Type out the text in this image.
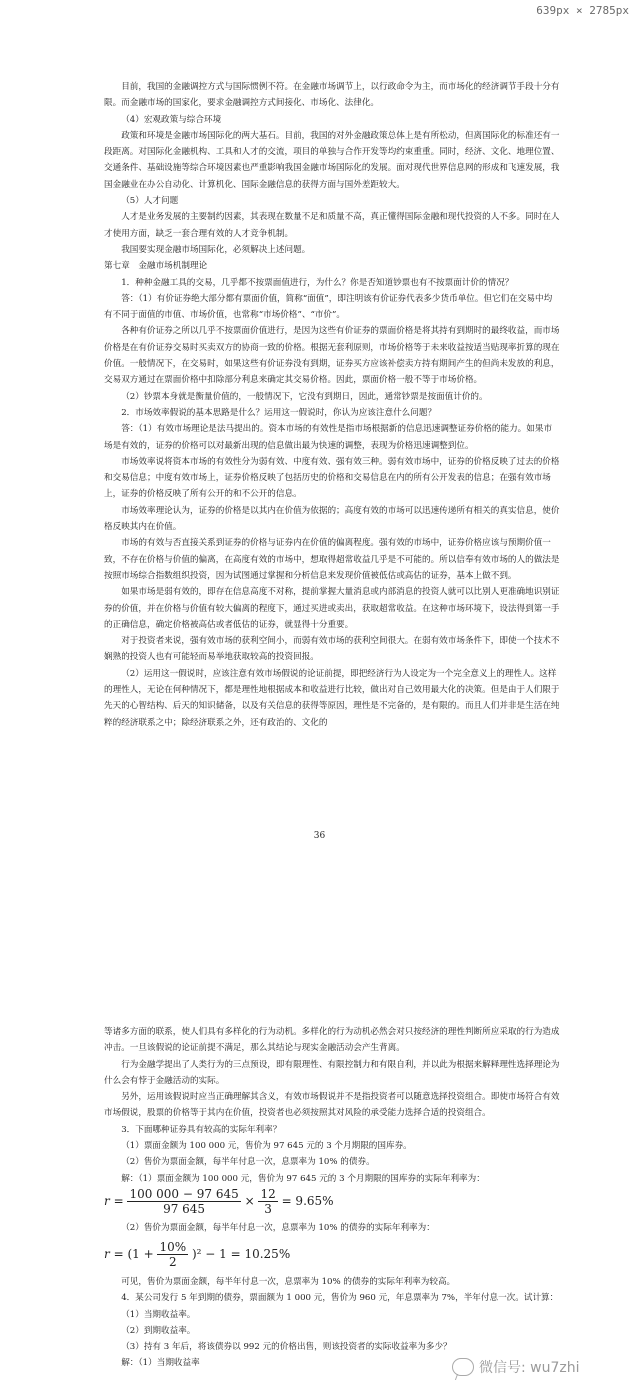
639px × 2785px

目前，我国的金融调控方式与国际惯例不符。在金融市场调节上，以行政命令为主，而市场化的经济调节手段十分有限。而金融市场的国家化，要求金融调控方式间接化、市场化、法律化。

（4）宏观政策与综合环境

政策和环境是金融市场国际化的两大基石。目前，我国的对外金融政策总体上是有所松动，但离国际化的标准还有一段距离。对国际化金融机构、工具和人才的交流，项目的单独与合作开发等均约束重重。同时，经济、文化、地理位置、交通条件、基础设施等综合环境因素也严重影响我国金融市场国际化的发展。面对现代世界信息网的形成和飞速发展，我国金融业在办公自动化、计算机化、国际金融信息的获得方面与国外差距较大。

（5）人才问题

人才是业务发展的主要制约因素，其表现在数量不足和质量不高，真正懂得国际金融和现代投资的人不多。同时在人才使用方面，缺乏一套合理有效的人才竞争机制。

我国要实现金融市场国际化，必须解决上述问题。

第七章　金融市场机制理论

1．种种金融工具的交易，几乎都不按票面值进行，为什么？你是否知道钞票也有不按票面计价的情况？

答：（1）有价证券绝大部分都有票面价值，简称“面值”，即注明该有价证券代表多少货币单位。但它们在交易中均有不同于面值的市值、市场价值，也常称“市场价格”、“市价”。

各种有价证券之所以几乎不按票面价值进行，是因为这些有价证券的票面价格是将其持有到期时的最终收益，而市场价格是在有价证券交易时买卖双方的协商一致的价格。根据无套利原则，市场价格等于未来收益按适当贴现率折算的现在价值。一般情况下，在交易时，如果这些有价证券没有到期，证券买方应该补偿卖方持有期间产生的但尚未发放的利息，交易双方通过在票面价格中扣除部分利息来确定其交易价格。因此，票面价格一般不等于市场价格。

（2）钞票本身就是衡量价值的，一般情况下，它没有到期日，因此，通常钞票是按面值计价的。

2．市场效率假说的基本思路是什么？运用这一假说时，你认为应该注意什么问题？

答：（1）有效市场理论是法马提出的。资本市场的有效性是指市场根据新的信息迅速调整证券价格的能力。如果市场是有效的，证券的价格可以对最新出现的信息做出最为快速的调整，表现为价格迅速调整到位。

市场效率说将资本市场的有效性分为弱有效、中度有效、强有效三种。弱有效市场中，证券的价格反映了过去的价格和交易信息；中度有效市场上，证券价格反映了包括历史的价格和交易信息在内的所有公开发表的信息；在强有效市场上，证券的价格反映了所有公开的和不公开的信息。

市场效率理论认为，证券的价格是以其内在价值为依据的；高度有效的市场可以迅速传递所有相关的真实信息，使价格反映其内在价值。

市场的有效与否直接关系到证券的价格与证券内在价值的偏离程度。强有效的市场中，证券价格应该与预期价值一致，不存在价格与价值的偏离，在高度有效的市场中，想取得超常收益几乎是不可能的。所以信奉有效市场的人的做法是按照市场综合指数组织投资，因为试图通过掌握和分析信息来发现价值被低估或高估的证券，基本上做不到。

如果市场是弱有效的，即存在信息高度不对称，提前掌握大量消息或内部消息的投资人就可以比别人更准确地识别证券的价值，并在价格与价值有较大偏离的程度下，通过买进或卖出，获取超常收益。在这种市场环境下，设法得到第一手的正确信息，确定价格被高估或者低估的证券，就显得十分重要。

对于投资者来说，强有效市场的获利空间小，而弱有效市场的获利空间很大。在弱有效市场条件下，即使一个技术不娴熟的投资人也有可能轻而易举地获取较高的投资回报。

（2）运用这一假说时，应该注意有效市场假说的论证前提，即把经济行为人设定为一个完全意义上的理性人。这样的理性人，无论在何种情况下，都是理性地根据成本和收益进行比较，做出对自己效用最大化的决策。但是由于人们限于先天的心智结构、后天的知识储备，以及有关信息的获得等原因，理性是不完备的，是有限的。而且人们并非是生活在纯粹的经济联系之中；除经济联系之外，还有政治的、文化的

36

等诸多方面的联系，使人们具有多样化的行为动机。多样化的行为动机必然会对只按经济的理性判断所应采取的行为造成冲击。一旦该假说的论证前提不满足，那么其结论与现实金融活动会产生背离。

行为金融学提出了人类行为的三点预设，即有限理性、有限控制力和有限自利，并以此为根据来解释理性选择理论为什么会有悖于金融活动的实际。

另外，运用该假说时应当正确理解其含义，有效市场假说并不是指投资者可以随意选择投资组合。即使市场符合有效市场假说，股票的价格等于其内在价值，投资者也必须按照其对风险的承受能力选择合适的投资组合。

3．下面哪种证券具有较高的实际年利率？

（1）票面金额为 100 000 元，售价为 97 645 元的 3 个月期限的国库券。

（2）售价为票面金额，每半年付息一次，息票率为 10% 的债券。

解：（1）票面金额为 100 000 元，售价为 97 645 元的 3 个月期限的国库券的实际年利率为：

$r = \frac{100 000 - 97 645}{97 645} \times \frac{12}{3} = 9.65\%$

（2）售价为票面金额，每半年付息一次，息票率为 10% 的债券的实际年利率为：

$r = (1 + \frac{10\%}{2} )^2 - 1 = 10.25\%$

可见，售价为票面金额，每半年付息一次，息票率为 10% 的债券的实际年利率为较高。

4．某公司发行 5 年到期的债券，票面额为 1 000 元，售价为 960 元，年息票率为 7%，半年付息一次。试计算：

（1）当期收益率。

（2）到期收益率。

（3）持有 3 年后，将该债券以 992 元的价格出售，则该投资者的实际收益率为多少？

解：（1）当期收益率	微信号: wu7zhi
